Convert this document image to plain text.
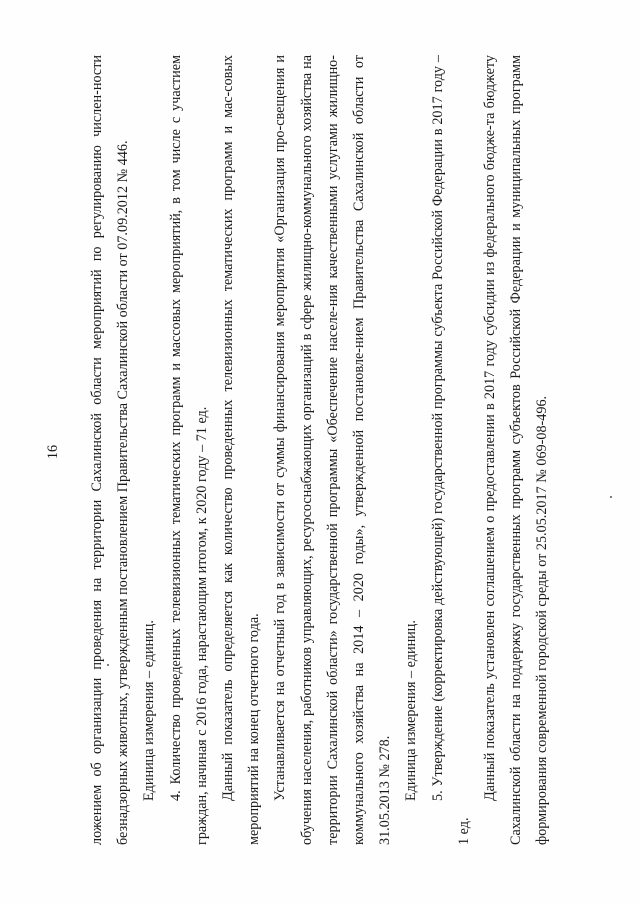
16	ложением об организации проведения на территории Сахалинской области мероприятий по регулированию числен-ности безнадзорных животных, утвержденным постановлением Правительства Сахалинской области от 07.09.2012 № 446. Единица измерения – единиц. 4. Количество проведенных телевизионных тематических программ и массовых мероприятий, в том числе с участием граждан, начиная с 2016 года, нарастающим итогом, к 2020 году – 71 ед. Данный показатель определяется как количество проведенных телевизионных тематических программ и мас-совых мероприятий на конец отчетного года. Устанавливается на отчетный год в зависимости от суммы финансирования мероприятия «Организация про-свещения и обучения населения, работников управляющих, ресурсоснабжающих организаций в сфере жилищно-коммунального хозяйства на территории Сахалинской области» государственной программы «Обеспечение населе-ния качественными услугами жилищно-коммунального хозяйства на 2014 – 2020 годы», утвержденной постановле-нием Правительства Сахалинской области от 31.05.2013 № 278. Единица измерения – единиц. 5. Утверждение (корректировка действующей) государственной программы субъекта Российской Федерации в 2017 году – 1 ед.

Данный показатель установлен соглашением о предоставлении в 2017 году субсидии из федерального бюдже-та бюджету Сахалинской области на поддержку государственных программ субъектов Российской Федерации и муниципальных программ формирования современной городской среды от 25.05.2017 № 069-08-496.
